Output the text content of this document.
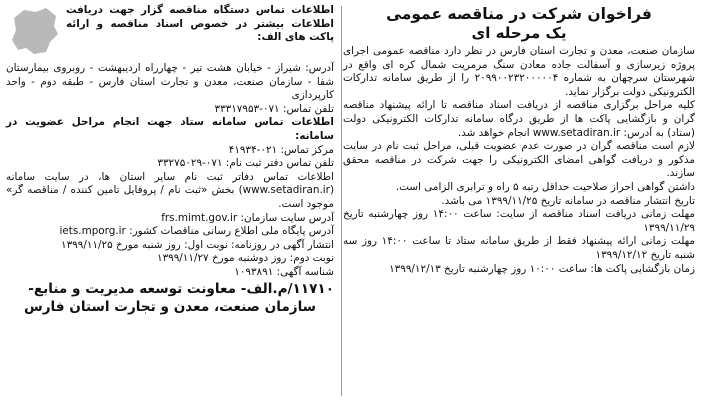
فراخوان شرکت در مناقصه عمومی

یک مرحله ای

سازمان صنعت، معدن و تجارت استان فارس در نظر دارد مناقصه عمومی اجرای پروژه زیرسازی و آسفالت جاده معادن سنگ مرمریت شمال کره ای واقع در شهرستان سرچهان به شماره ۲۰۹۹۰۰۲۳۲۰۰۰۰۰۴ را از طریق سامانه تدارکات الکترونیکی دولت برگزار نماید.

کلیه مراحل برگزاری مناقصه از دریافت اسناد مناقصه تا ارائه پیشنهاد مناقصه گران و بازگشایی پاکت ها از طریق درگاه سامانه تدارکات الکترونیکی دولت (ستاد) به آدرس: www.setadiran.ir انجام خواهد شد.

لازم است مناقصه گران در صورت عدم عضویت قبلی، مراحل ثبت نام در سایت مذکور و دریافت گواهی امضای الکترونیکی را جهت شرکت در مناقصه محقق سازند.

داشتن گواهی احراز صلاحیت حداقل رتبه ۵ راه و ترابری الزامی است.

تاریخ انتشار مناقصه در سامانه تاریخ ۱۳۹۹/۱۱/۲۵ می باشد.

مهلت زمانی دریافت اسناد مناقصه از سایت: ساعت ۱۴:۰۰ روز چهارشنبه تاریخ ۱۳۹۹/۱۱/۲۹

مهلت زمانی ارائه پیشنهاد فقط از طریق سامانه ستاد تا ساعت ۱۴:۰۰ روز سه شنبه تاریخ ۱۳۹۹/۱۲/۱۲

زمان بازگشایی پاکت ها: ساعت ۱۰:۰۰ روز چهارشنبه تاریخ ۱۳۹۹/۱۲/۱۳

اطلاعات تماس دستگاه مناقصه گزار جهت دریافت اطلاعات بیشتر در خصوص اسناد مناقصه و ارائه پاکت های الف:

آدرس: شیراز - خیابان هشت تیر - چهارراه اردیبهشت - روبروی بیمارستان شفا - سازمان صنعت، معدن و تجارت استان فارس - طبقه دوم - واحد کارپردازی

تلفن تماس: ۰۷۱-۳۳۳۱۷۹۵۳

اطلاعات تماس سامانه ستاد جهت انجام مراحل عضویت در سامانه:

مرکز تماس: ۰۲۱-۴۱۹۳۴

تلفن تماس دفتر ثبت نام: ۰۷۱-۳۳۲۷۵۰۲۹

اطلاعات تماس دفاتر ثبت نام سایر استان ها، در سایت سامانه (www.setadiran.ir) بخش «ثبت نام / پروفایل تامین کننده / مناقصه گر» موجود است.

آدرس سایت سازمان: frs.mimt.gov.ir

آدرس پایگاه ملی اطلاع رسانی مناقصات کشور: iets.mporg.ir

انتشار آگهی در روزنامه: نوبت اول: روز شنبه مورخ ۱۳۹۹/۱۱/۲۵

نوبت دوم: روز دوشنبه مورخ ۱۳۹۹/۱۱/۲۷

شناسه آگهی: ۱۰۹۳۸۹۱

۱۱۷۱۰/م.الف- معاونت توسعه مدیریت و منابع-

سازمان صنعت، معدن و تجارت استان فارس
